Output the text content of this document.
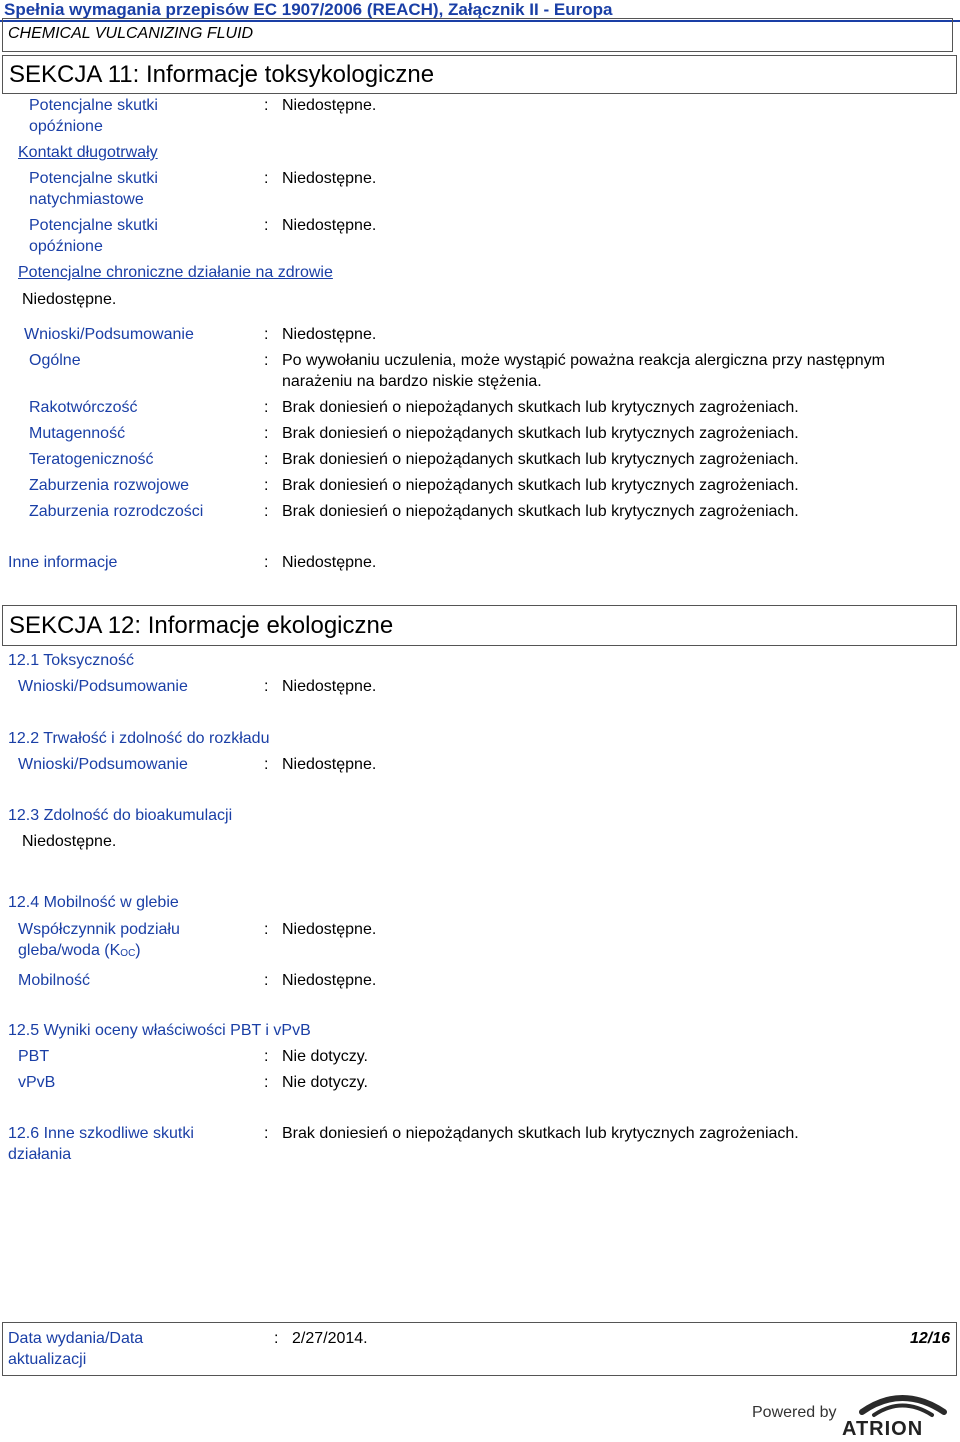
Spełnia wymagania przepisów EC 1907/2006 (REACH), Załącznik II - Europa
CHEMICAL VULCANIZING FLUID
SEKCJA 11: Informacje toksykologiczne
Potencjalne skutki opóźnione
: Niedostępne.
Kontakt długotrwały
Potencjalne skutki natychmiastowe
: Niedostępne.
Potencjalne skutki opóźnione
: Niedostępne.
Potencjalne chroniczne działanie na zdrowie
Niedostępne.
Wnioski/Podsumowanie	: Niedostępne.
Ogólne	: Po wywołaniu uczulenia, może wystąpić poważna reakcja alergiczna przy następnym narażeniu na bardzo niskie stężenia.
Rakotwórczość	: Brak doniesień o niepożądanych skutkach lub krytycznych zagrożeniach.
Mutagenność	: Brak doniesień o niepożądanych skutkach lub krytycznych zagrożeniach.
Teratogeniczność	: Brak doniesień o niepożądanych skutkach lub krytycznych zagrożeniach.
Zaburzenia rozwojowe	: Brak doniesień o niepożądanych skutkach lub krytycznych zagrożeniach.
Zaburzenia rozrodczości	: Brak doniesień o niepożądanych skutkach lub krytycznych zagrożeniach.
Inne informacje	: Niedostępne.
SEKCJA 12: Informacje ekologiczne
12.1 Toksyczność
Wnioski/Podsumowanie	: Niedostępne.
12.2 Trwałość i zdolność do rozkładu
Wnioski/Podsumowanie	: Niedostępne.
12.3 Zdolność do bioakumulacji
Niedostępne.
12.4 Mobilność w glebie
Współczynnik podziału gleba/woda $(K_{OC})$
: Niedostępne.
Mobilność	: Niedostępne.
12.5 Wyniki oceny właściwości PBT i vPvB
PBT	: Nie dotyczy.
vPvB	: Nie dotyczy.
12.6 Inne szkodliwe skutki działania
: Brak doniesień o niepożądanych skutkach lub krytycznych zagrożeniach.
Data wydania/Data aktualizacji
: 2/27/2014.	12/16
Powered by
ATRION
